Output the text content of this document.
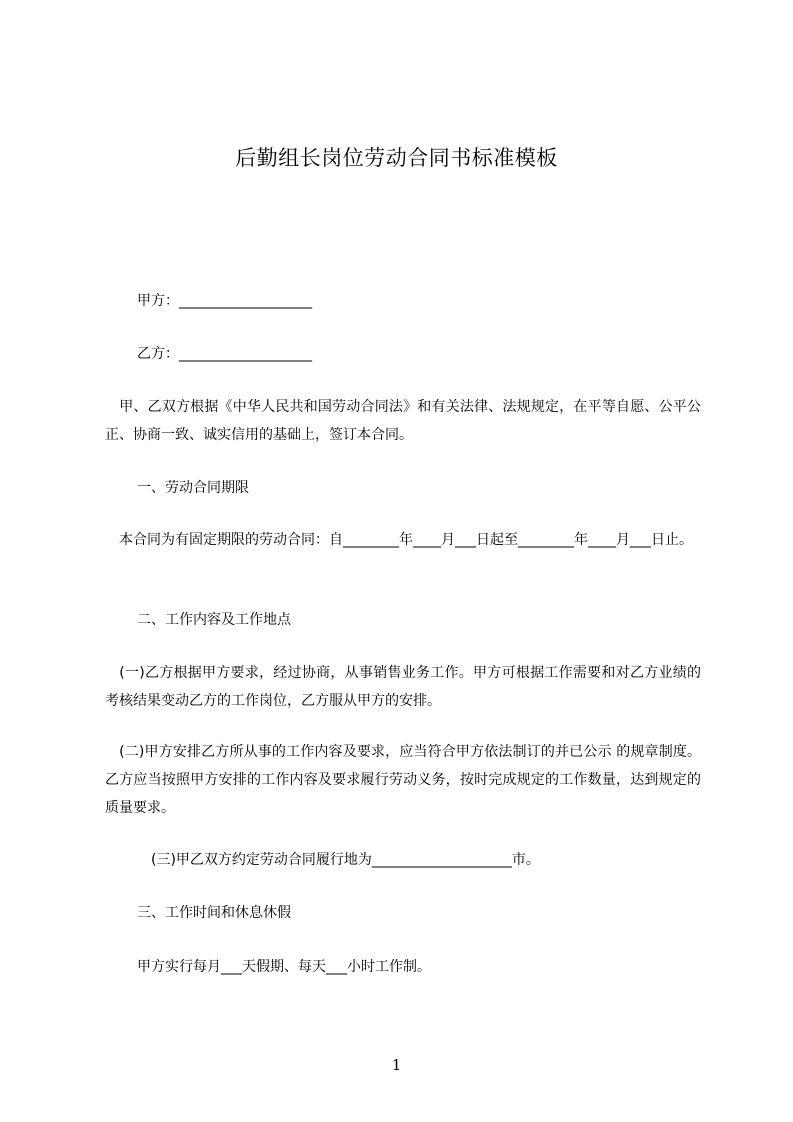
后勤组长岗位劳动合同书标准模板
甲方：___________________
乙方：___________________
　甲、乙双方根据《中华人民共和国劳动合同法》和有关法律、法规规定，在平等自愿、公平公正、协商一致、诚实信用的基础上，签订本合同。
一、劳动合同期限
　本合同为有固定期限的劳动合同：自________年____月___日起至________年____月___日止。
二、工作内容及工作地点
　(一)乙方根据甲方要求，经过协商，从事销售业务工作。甲方可根据工作需要和对乙方业绩的考核结果变动乙方的工作岗位，乙方服从甲方的安排。
　(二)甲方安排乙方所从事的工作内容及要求，应当符合甲方依法制订的并已公示 的规章制度。乙方应当按照甲方安排的工作内容及要求履行劳动义务，按时完成规定的工作数量，达到规定的质量要求。
　(三)甲乙双方约定劳动合同履行地为____________________市。
三、工作时间和休息休假
甲方实行每月___天假期、每天___小时工作制。
1
